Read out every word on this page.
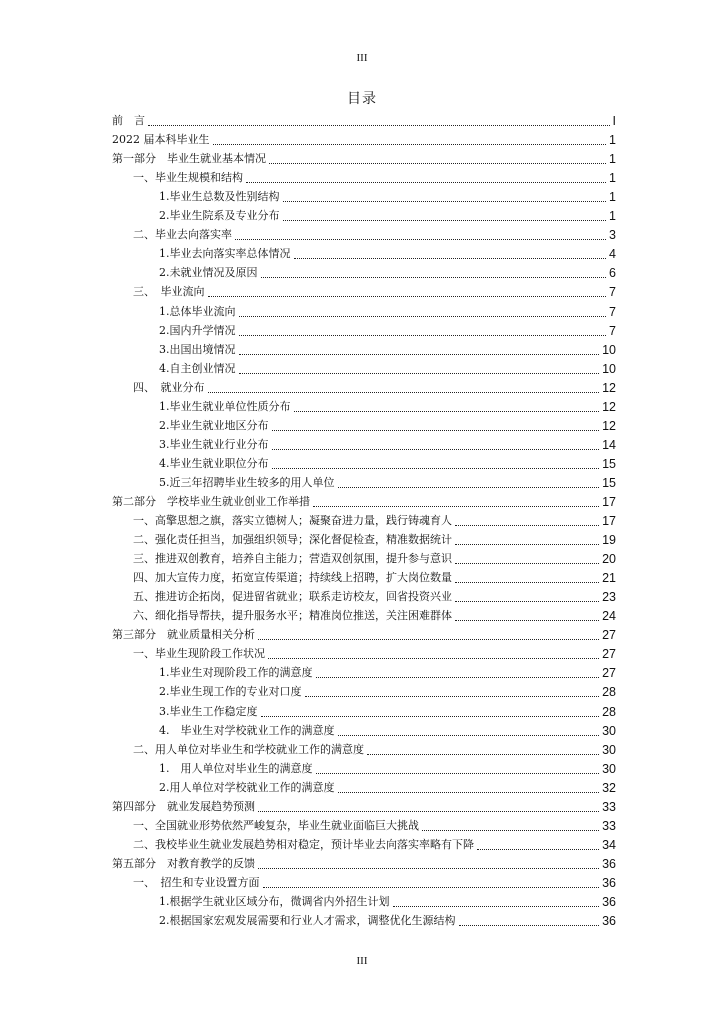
III
目录
前　言	I
2022 届本科毕业生	1
第一部分　毕业生就业基本情况	1
一、毕业生规模和结构	1
1.毕业生总数及性别结构	1
2.毕业生院系及专业分布	1
二、毕业去向落实率	3
1.毕业去向落实率总体情况	4
2.未就业情况及原因	6
三、　毕业流向	7
1.总体毕业流向	7
2.国内升学情况	7
3.出国出境情况	10
4.自主创业情况	10
四、　就业分布	12
1.毕业生就业单位性质分布	12
2.毕业生就业地区分布	12
3.毕业生就业行业分布	14
4.毕业生就业职位分布	15
5.近三年招聘毕业生较多的用人单位	15
第二部分　学校毕业生就业创业工作举措	17
一、高擎思想之旗，落实立德树人；凝聚奋进力量，践行铸魂育人	17
二、强化责任担当，加强组织领导；深化督促检查，精准数据统计	19
三、推进双创教育，培养自主能力；营造双创氛围，提升参与意识	20
四、加大宣传力度，拓宽宣传渠道；持续线上招聘，扩大岗位数量	21
五、推进访企拓岗，促进留省就业；联系走访校友，回省投资兴业	23
六、细化指导帮扶，提升服务水平；精准岗位推送，关注困难群体	24
第三部分　就业质量相关分析	27
一、毕业生现阶段工作状况	27
1.毕业生对现阶段工作的满意度	27
2.毕业生现工作的专业对口度	28
3.毕业生工作稳定度	28
4.　毕业生对学校就业工作的满意度	30
二、用人单位对毕业生和学校就业工作的满意度	30
1.　用人单位对毕业生的满意度	30
2.用人单位对学校就业工作的满意度	32
第四部分　就业发展趋势预测	33
一、全国就业形势依然严峻复杂，毕业生就业面临巨大挑战	33
二、我校毕业生就业发展趋势相对稳定，预计毕业去向落实率略有下降	34
第五部分　对教育教学的反馈	36
一、　招生和专业设置方面	36
1.根据学生就业区域分布，微调省内外招生计划	36
2.根据国家宏观发展需要和行业人才需求，调整优化生源结构	36
III
